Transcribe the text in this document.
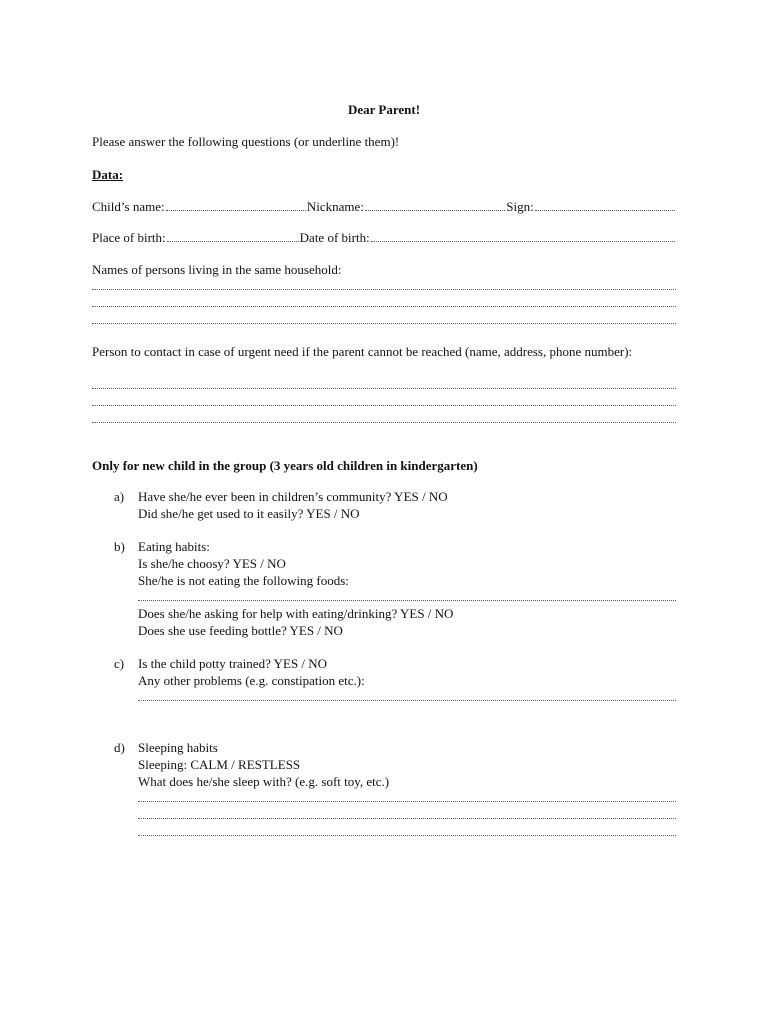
Dear Parent!
Please answer the following questions (or underline them)!
Data:
Child’s name:	Nickname:	Sign:
Place of birth:	Date of birth:
Names of persons living in the same household:
Person to contact in case of urgent need if the parent cannot be reached (name, address, phone number):
Only for new child in the group (3 years old children in kindergarten)
a) Have she/he ever been in children’s community? YES / NO
Did she/he get used to it easily? YES / NO
b) Eating habits:
Is she/he choosy? YES / NO
She/he is not eating the following foods:
Does she/he asking for help with eating/drinking? YES / NO
Does she use feeding bottle? YES / NO
c) Is the child potty trained? YES / NO
Any other problems (e.g. constipation etc.):
d) Sleeping habits
Sleeping: CALM / RESTLESS
What does he/she sleep with? (e.g. soft toy, etc.)
